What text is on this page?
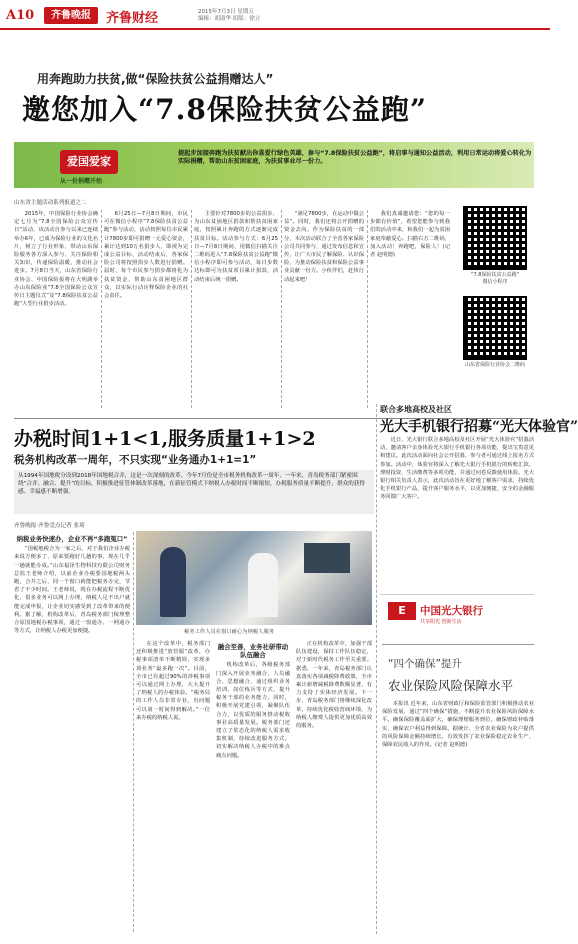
A10	齐鲁晚报	齐鲁财经	2015年7月3日 星期五
编辑：胡淑华 组版：徐立
用奔跑助力扶贫,做“保险扶贫公益捐赠达人”
邀您加入“7.8保险扶贫公益跑”
爱国爱家
从一份捐赠开始
提起步加接奔跑为扶贫献出你喜爱行绿色英雄，参与“7.8保险扶贫公益跑”，将启事与通知公益活动，利用日常运动将爱心转化为实际捐赠，帮助山东贫困家庭，为扶贫事业尽一份力。
山东省主题活动系列报道之二

2015年，中国保险行业协会确定七月为“7.8全国保险公众宣传日”活动，该活动自参与以来已连续举办6年，已成为保险行业的文化名片，树立了行业形象，带动山东保险服务各方深入参与、关注保险相关知识，传递保险温暖，推动社会进步。7月8日当天，山东省保险行业协会、中国保险报将在大明湖举办山东保险业“7.8全国保险公众宣传日主题仪式”及“7.8保险扶贫公益跑”大型行业捐步活动。

6月25日—7月8日期间，市民可在微信小程序“7.8保险扶贫公益跑”参与活动，活动按照每位市民累计7800步即可捐赠一元爱心资金，累计达到10万名捐步人，即视为完成公益目标，活动结束后，各家保险公司将按照捐步人数进行捐赠。届时，每个市民参与捐步都将化为扶贫资金，帮助山东贫困地区群众，以实际行动诠释保险企业的社会责任。

主要针对7800步的公益捐步，为山东贫困地区捐款和帮扶贫困家庭，按照累计奔跑的方式逐渐完成扶贫目标。活动参与方式：6月25日—7月8日期间，用微信扫描关注二维码进入“7.8保险扶贫公益跑”微信小程序即可参与活动，每日步数达标即可为扶贫项目累计捐款，活动结束后统一捐赠。

“满足7800步，在运动中做公益”。同时，我们还将公开捐赠的资金去向。作为保险扶贫的一部分，本次活动联合了全省各家保险公司共同参与，通过发布信息和宣传，让广大市民了解保险、认识保险，为推动保险扶贫和保险公益事业贡献一份力。小伙伴们，赶快行动起来吧！

我们真诚邀请您：“您的每一步都有价值”，希望您能参与到我们的活动中来，和我们一起为贫困家庭奉献爱心。扫描右方二维码，加入活动！奔跑吧，保险人！(记者 赵明德)

“7.8保险扶贫公益跑”
微信小程序
山东省保险行业协会二维码
办税时间1+1<1,服务质量1+1>2
税务机构改革一周年，不只实现“业务通办1+1=1”
从1994年国地税分设到2018年国地税合并，这是一次深刻的改革。今年7月份是全市税务机构改革一周年，一年来，青岛税务部门紧密围绕“合并、融合、提升”的目标，积极推进征管体制改革落地，在新征管模式下纳税人办税时间不断缩短，办税服务质量不断提升，群众的获得感、幸福感不断增强。
齐鲁晚报·齐鲁壹点记者 张琦
纳税业务快速办，企业不再“多跑冤口”

“国税地税合为一家之后，对于我们企业办税来说方便多了，原来要跑好几趟的事，现在几乎一趟就能办成。”山东福泽生物科技有限公司财务总监王老师介绍，以前企业办税要国地税两头跑，合并之后，同一个窗口就能把税务办完，节省了不少时间。王老师说，现在办税流程不断优化，很多业务可以网上办理，纳税人足不出户就能完成申报，让企业切实感受到了改革带来的便利。据了解，机构改革后，青岛税务部门梳理整合原国地税办税事项，通过一窗通办、一网通办等方式，让纳税人办税更加便捷。	税务工作人员在窗口耐心为纳税人服务

在这个改革中，税务部门还积极推进“放管服”改革，办税事项清单不断精简，实现多项业务“最多跑一次”。目前，全市已有超过90%的涉税事项可以通过网上办理，大大提升了纳税人的办税体验。“税务局的工作人员非常专业，有问题可以第一时间得到解决。”一位来办税的纳税人说。

融合至善，业务社研带动队伍融合

机构改革后，各级税务部门深入开展业务融合、人员融合、思想融合，通过组织业务培训、岗位练兵等方式，提升税务干部的业务能力。同时，积极开展党建引领，凝聚队伍合力，以优质的服务推动税收事业高质量发展。税务部门还建立了常态化的纳税人需求收集机制，持续改进服务方式，切实解决纳税人办税中的难点痛点问题。

正在机构改革中，加强干部队伍建设，保持工作队伍稳定，对于新时代税务工作至关重要。据悉，一年来，青岛税务部门认真落实各项减税降费政策，全市累计新增减税降费数额显著，有力支持了实体经济发展。下一步，青岛税务部门将继续深化改革，持续优化税收营商环境，为纳税人缴费人提供更加优质高效的服务。

联合多地高校及社区
光大手机银行招募“光大体验官”

近日，光大银行联合多地高校及社区开展“光大体验官”招募活动，邀请客户亲身体验光大银行手机银行各项功能，提出宝贵意见和建议。此次活动面向社会公开招募，参与者可通过线上报名方式参加。活动中，体验官将深入了解光大银行手机银行的转账汇款、理财投资、生活缴费等多项功能，并通过问卷反馈使用体验。光大银行相关负责人表示，此次活动旨在更好地了解客户需求，持续优化手机银行产品，提升客户服务水平，以更加便捷、安全的金融服务回馈广大客户。

E	中国光大银行
共享阳光 创新生活
“四个确保”提升
农业保险风险保障水平

本报讯 近年来，山东省财政厅和保险监管部门积极推动农业保险发展，通过“四个确保”措施，不断提升农业保险风险保障水平。确保保险覆盖面扩大，确保理赔服务到位，确保财政补贴落实，确保农户利益得到保障。据统计，全省农业保险为农户提供的风险保障金额持续增长，有效发挥了农业保险稳定农业生产、保障农民收入的作用。(记者 赵明德)
